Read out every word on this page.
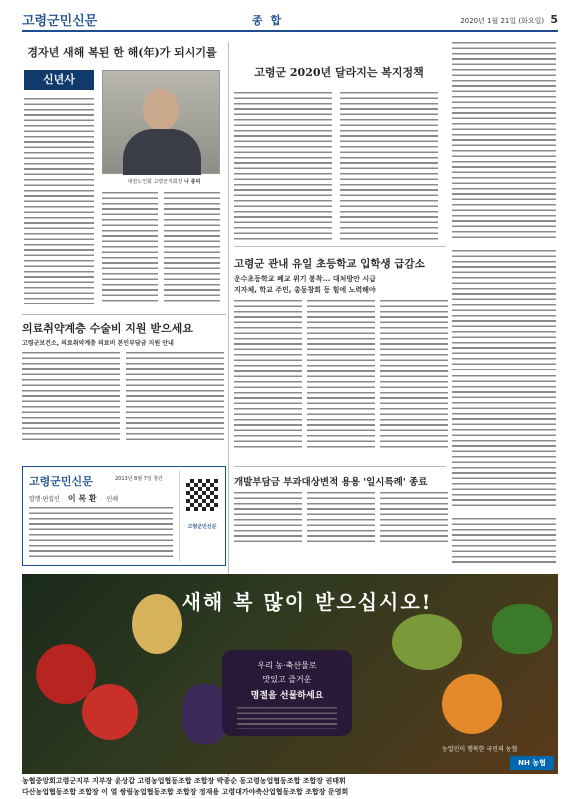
고령군민신문	종 합	2020년 1월 21일 (화요일) 5
경자년 새해 복된 한 해(年)가 되시기를
신년사
대한노인회 고령군지회장 나 종덕
고령군 2020년 달라지는 복지정책
고령군 관내 유일 초등학교 입학생 급감소
운수초등학교 폐교 위기 봉착... 대처방안 시급
지자체, 학교 주민, 총동창회 등 힘에 노력해야
의료취약계층 수술비 지원 받으세요
고령군보건소, 의료취약계층 의료비 본인부담금 지원 안내
개발부담금 부과대상변적 용용 '일시특례' 종료
고령군민신문	2013년 8월 7일 창간
발행·편집인 이 복 환 인쇄
고령군민신문
새해 복 많이 받으십시오!
우리 농·축산물로
맛있고 즐거운
명절을 선물하세요
농업인이 행복한 국민의 농협
NH 농협
농협중앙회고령군지부 지부장 윤상갑 고령농업협동조합 조합장 박종순 동고령농업협동조합 조합장 권태휘
다산농업협동조합 조합장 이 열 쌍림농업협동조합 조합장 정재용 고령대가야축산업협동조합 조합장 문영희
